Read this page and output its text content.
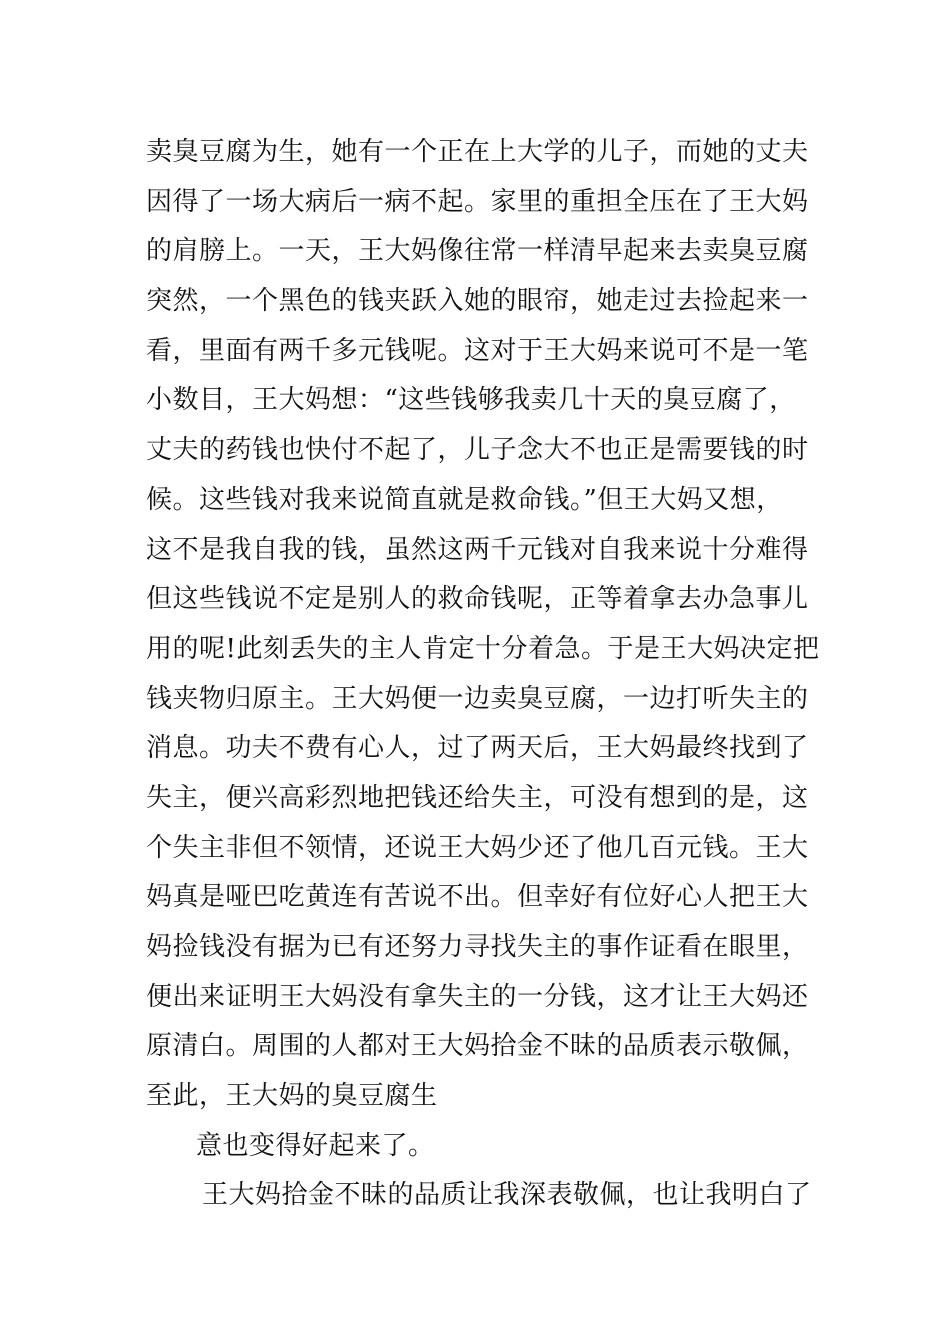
卖臭豆腐为生，她有一个正在上大学的儿子，而她的丈夫
因得了一场大病后一病不起。家里的重担全压在了王大妈
的肩膀上。一天，王大妈像往常一样清早起来去卖臭豆腐
突然，一个黑色的钱夹跃入她的眼帘，她走过去捡起来一
看，里面有两千多元钱呢。这对于王大妈来说可不是一笔
小数目，王大妈想：“这些钱够我卖几十天的臭豆腐了，
丈夫的药钱也快付不起了，儿子念大不也正是需要钱的时
候。这些钱对我来说简直就是救命钱。”但王大妈又想，
这不是我自我的钱，虽然这两千元钱对自我来说十分难得
但这些钱说不定是别人的救命钱呢，正等着拿去办急事儿
用的呢!此刻丢失的主人肯定十分着急。于是王大妈决定把
钱夹物归原主。王大妈便一边卖臭豆腐，一边打听失主的
消息。功夫不费有心人，过了两天后，王大妈最终找到了
失主，便兴高彩烈地把钱还给失主，可没有想到的是，这
个失主非但不领情，还说王大妈少还了他几百元钱。王大
妈真是哑巴吃黄连有苦说不出。但幸好有位好心人把王大
妈捡钱没有据为已有还努力寻找失主的事作证看在眼里，
便出来证明王大妈没有拿失主的一分钱，这才让王大妈还
原清白。周围的人都对王大妈拾金不昧的品质表示敬佩，
至此，王大妈的臭豆腐生
意也变得好起来了。
王大妈拾金不昧的品质让我深表敬佩，也让我明白了
